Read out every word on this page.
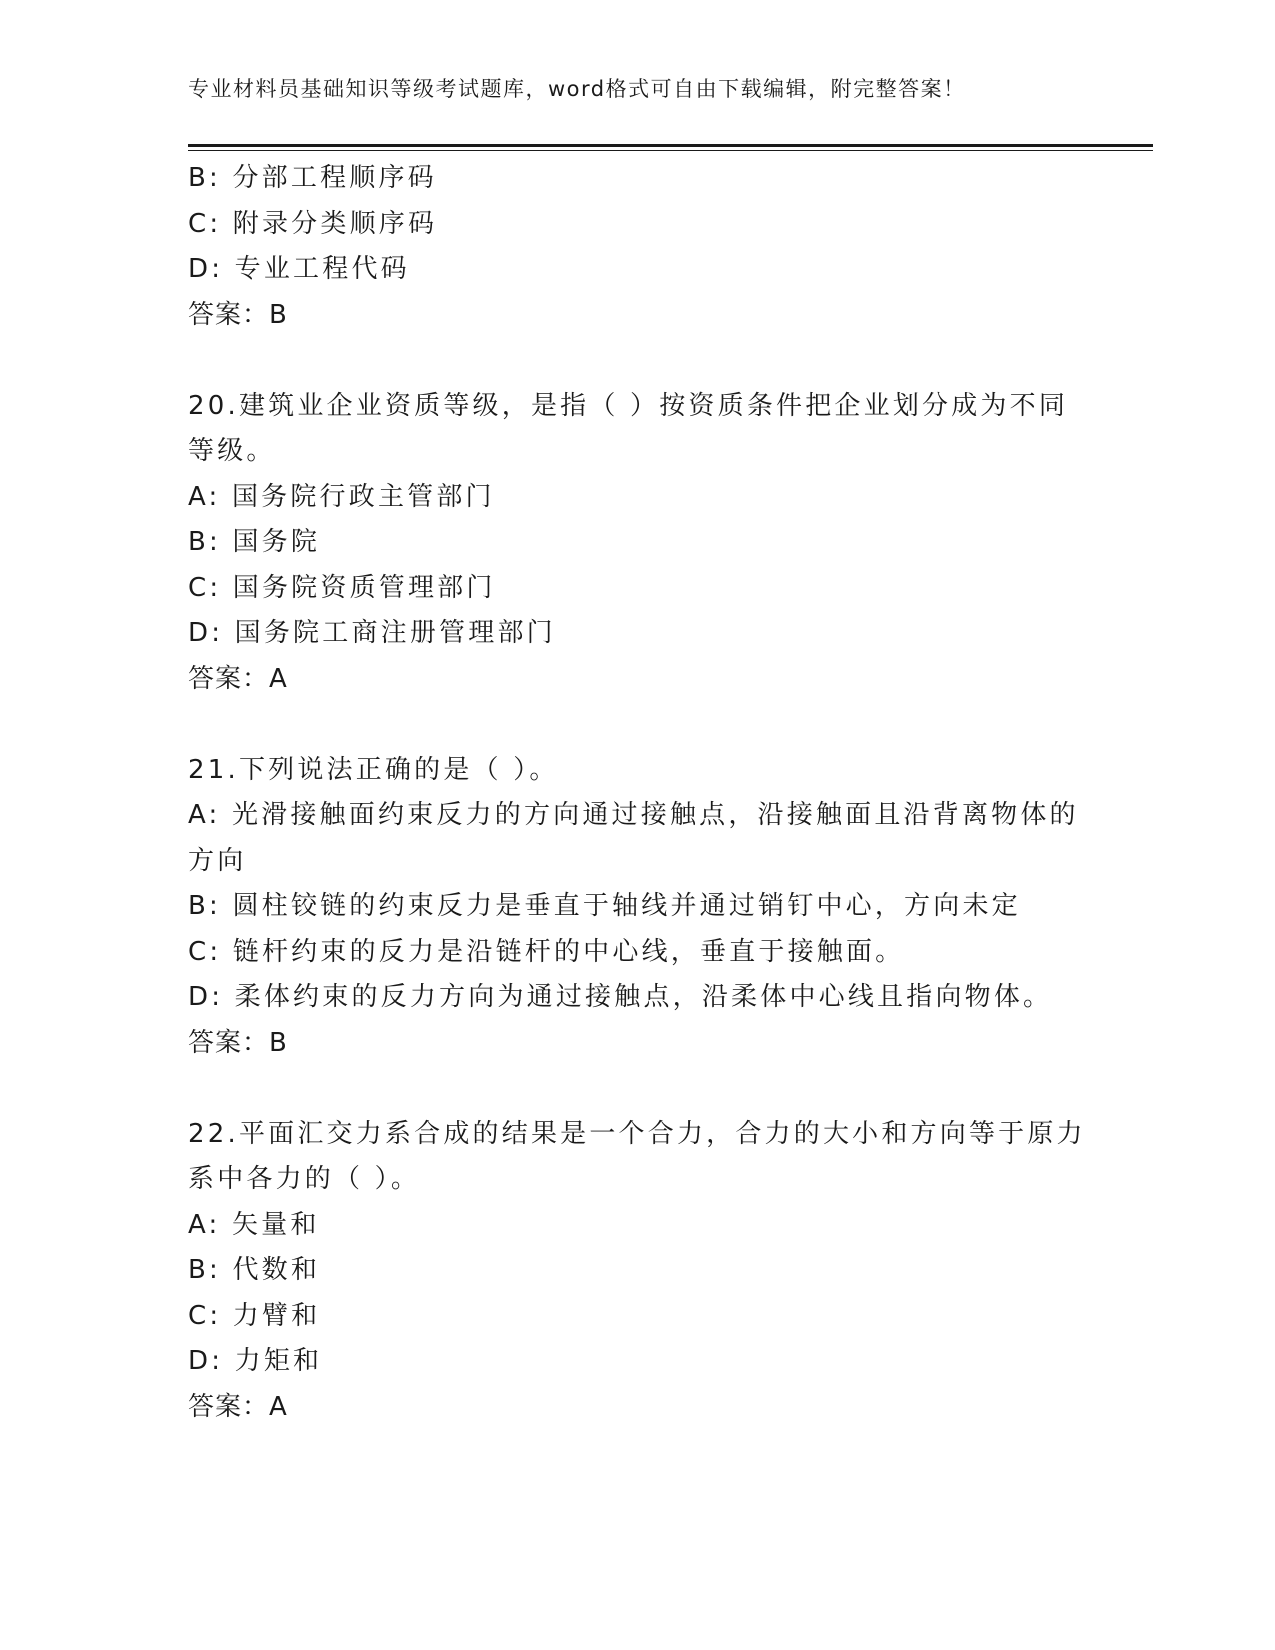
专业材料员基础知识等级考试题库，word格式可自由下载编辑，附完整答案！
B: 分部工程顺序码
C: 附录分类顺序码
D: 专业工程代码
答案：B
20.建筑业企业资质等级，是指（ ）按资质条件把企业划分成为不同
等级。
A: 国务院行政主管部门
B: 国务院
C: 国务院资质管理部门
D: 国务院工商注册管理部门
答案：A
21.下列说法正确的是（ ）。
A: 光滑接触面约束反力的方向通过接触点，沿接触面且沿背离物体的
方向
B: 圆柱铰链的约束反力是垂直于轴线并通过销钉中心，方向未定
C: 链杆约束的反力是沿链杆的中心线，垂直于接触面。
D: 柔体约束的反力方向为通过接触点，沿柔体中心线且指向物体。
答案：B
22.平面汇交力系合成的结果是一个合力，合力的大小和方向等于原力
系中各力的（ ）。
A: 矢量和
B: 代数和
C: 力臂和
D: 力矩和
答案：A
